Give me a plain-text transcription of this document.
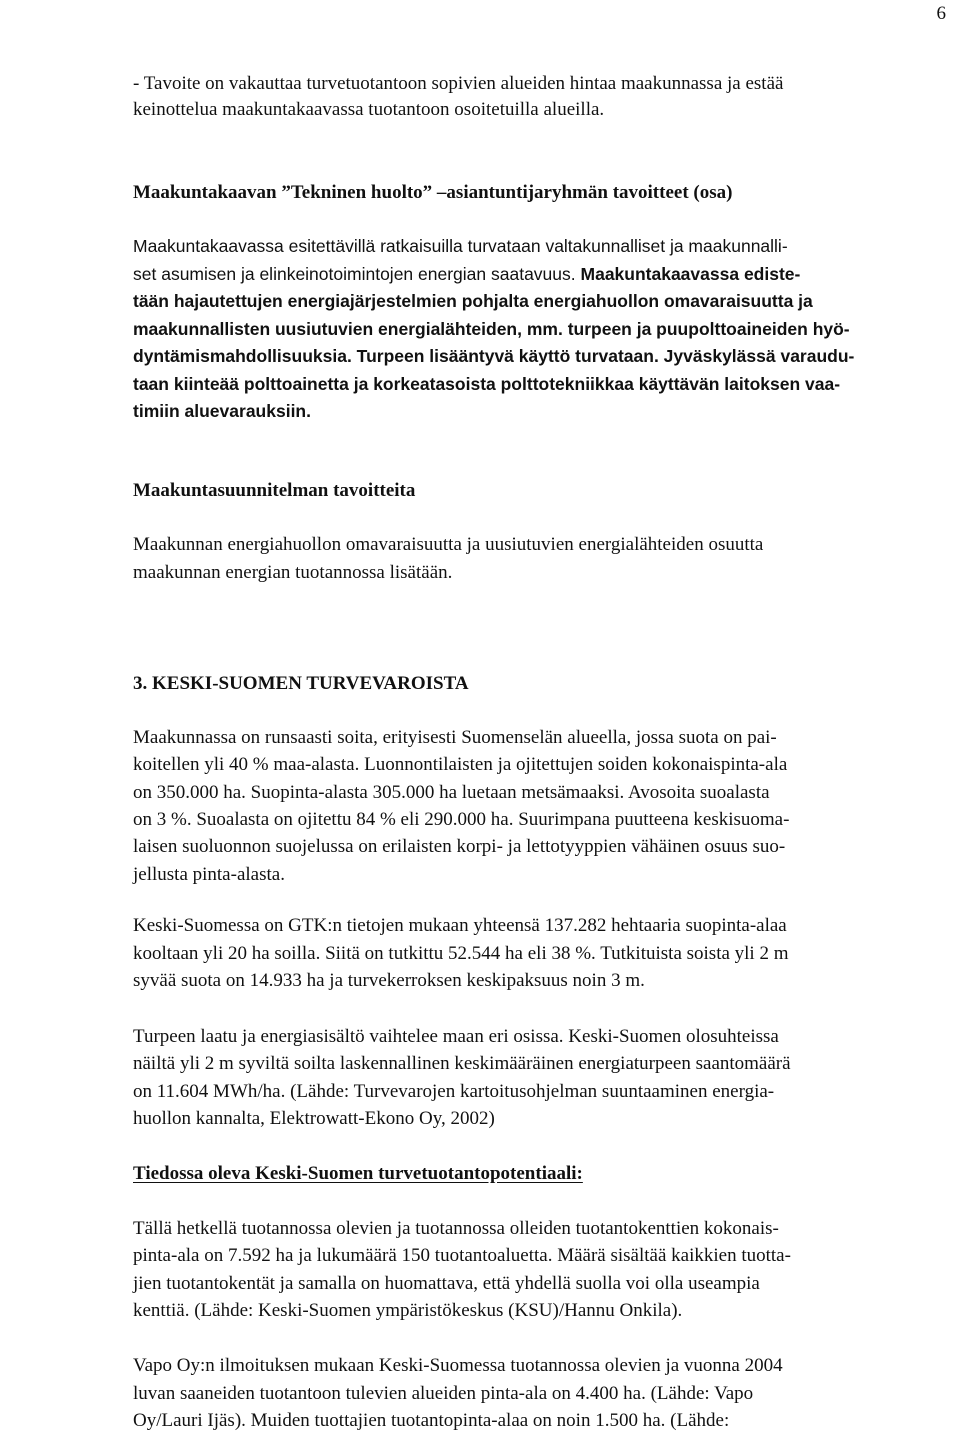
6
- Tavoite on vakauttaa turvetuotantoon sopivien alueiden hintaa maakunnassa ja estää
keinottelua maakuntakaavassa tuotantoon osoitetuilla alueilla.
Maakuntakaavan ”Tekninen huolto” –asiantuntijaryhmän tavoitteet (osa)
Maakuntakaavassa esitettävillä ratkaisuilla turvataan valtakunnalliset ja maakunnalli-
set asumisen ja elinkeinotoimintojen energian saatavuus. Maakuntakaavassa ediste-
tään hajautettujen energiajärjestelmien pohjalta energiahuollon omavaraisuutta ja
maakunnallisten uusiutuvien energialähteiden, mm. turpeen ja puupolttoaineiden hyö-
dyntämismahdollisuuksia. Turpeen lisääntyvä käyttö turvataan. Jyväskylässä varaudu-
taan kiinteää polttoainetta ja korkeatasoista polttotekniikkaa käyttävän laitoksen vaa-
timiin aluevarauksiin.
Maakuntasuunnitelman tavoitteita
Maakunnan energiahuollon omavaraisuutta ja uusiutuvien energialähteiden osuutta
maakunnan energian tuotannossa lisätään.
3. KESKI-SUOMEN TURVEVAROISTA
Maakunnassa on runsaasti soita, erityisesti Suomenselän alueella, jossa suota on pai-
koitellen yli 40 % maa-alasta. Luonnontilaisten ja ojitettujen soiden kokonaispinta-ala
on 350.000 ha. Suopinta-alasta 305.000 ha luetaan metsämaaksi. Avosoita suoalasta
on 3 %. Suoalasta on ojitettu 84 % eli 290.000 ha. Suurimpana puutteena keskisuoma-
laisen suoluonnon suojelussa on erilaisten korpi- ja lettotyyppien vähäinen osuus suo-
jellusta pinta-alasta.
Keski-Suomessa on GTK:n tietojen mukaan yhteensä 137.282 hehtaaria suopinta-alaa
kooltaan yli 20 ha soilla. Siitä on tutkittu 52.544 ha eli 38 %. Tutkituista soista yli 2 m
syvää suota on 14.933 ha ja turvekerroksen keskipaksuus noin 3 m.
Turpeen laatu ja energiasisältö vaihtelee maan eri osissa. Keski-Suomen olosuhteissa
näiltä yli 2 m syviltä soilta laskennallinen keskimääräinen energiaturpeen saantomäärä
on 11.604 MWh/ha. (Lähde: Turvevarojen kartoitusohjelman suuntaaminen energia-
huollon kannalta, Elektrowatt-Ekono Oy, 2002)
Tiedossa oleva Keski-Suomen turvetuotantopotentiaali:
Tällä hetkellä tuotannossa olevien ja tuotannossa olleiden tuotantokenttien kokonais-
pinta-ala on 7.592 ha ja lukumäärä 150 tuotantoaluetta. Määrä sisältää kaikkien tuotta-
jien tuotantokentät ja samalla on huomattava, että yhdellä suolla voi olla useampia
kenttiä. (Lähde: Keski-Suomen ympäristökeskus (KSU)/Hannu Onkila).
Vapo Oy:n ilmoituksen mukaan Keski-Suomessa tuotannossa olevien ja vuonna 2004
luvan saaneiden tuotantoon tulevien alueiden pinta-ala on 4.400 ha. (Lähde: Vapo
Oy/Lauri Ijäs). Muiden tuottajien tuotantopinta-alaa on noin 1.500 ha. (Lähde:
